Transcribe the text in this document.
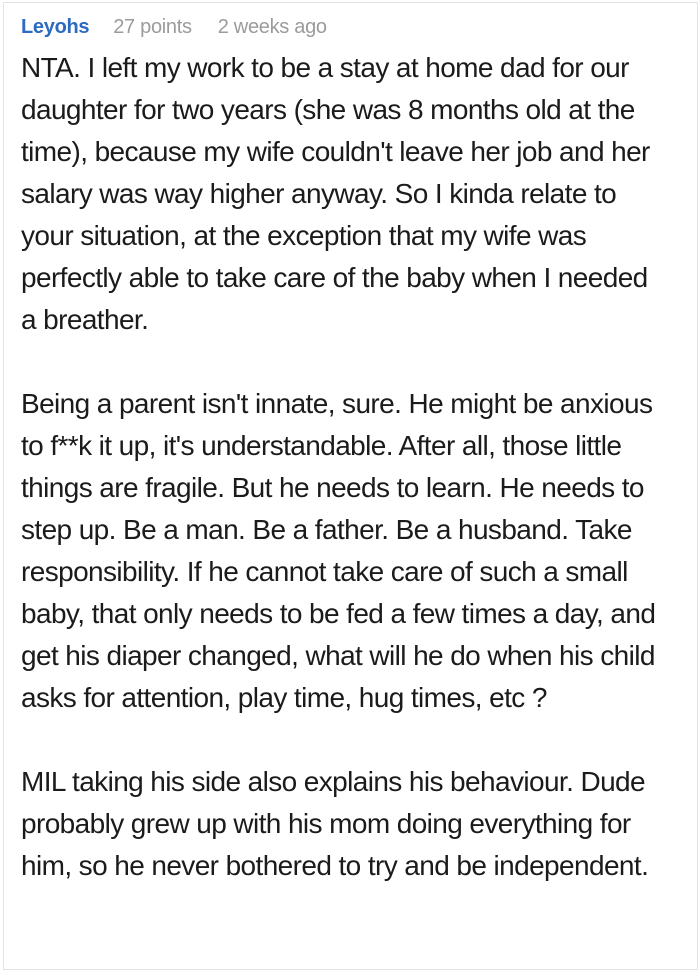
Leyohs 27 points 2 weeks ago

NTA. I left my work to be a stay at home dad for our daughter for two years (she was 8 months old at the time), because my wife couldn't leave her job and her salary was way higher anyway. So I kinda relate to your situation, at the exception that my wife was perfectly able to take care of the baby when I needed a breather.

Being a parent isn't innate, sure. He might be anxious to f**k it up, it's understandable. After all, those little things are fragile. But he needs to learn. He needs to step up. Be a man. Be a father. Be a husband. Take responsibility. If he cannot take care of such a small baby, that only needs to be fed a few times a day, and get his diaper changed, what will he do when his child asks for attention, play time, hug times, etc ?

MIL taking his side also explains his behaviour. Dude probably grew up with his mom doing everything for him, so he never bothered to try and be independent.
